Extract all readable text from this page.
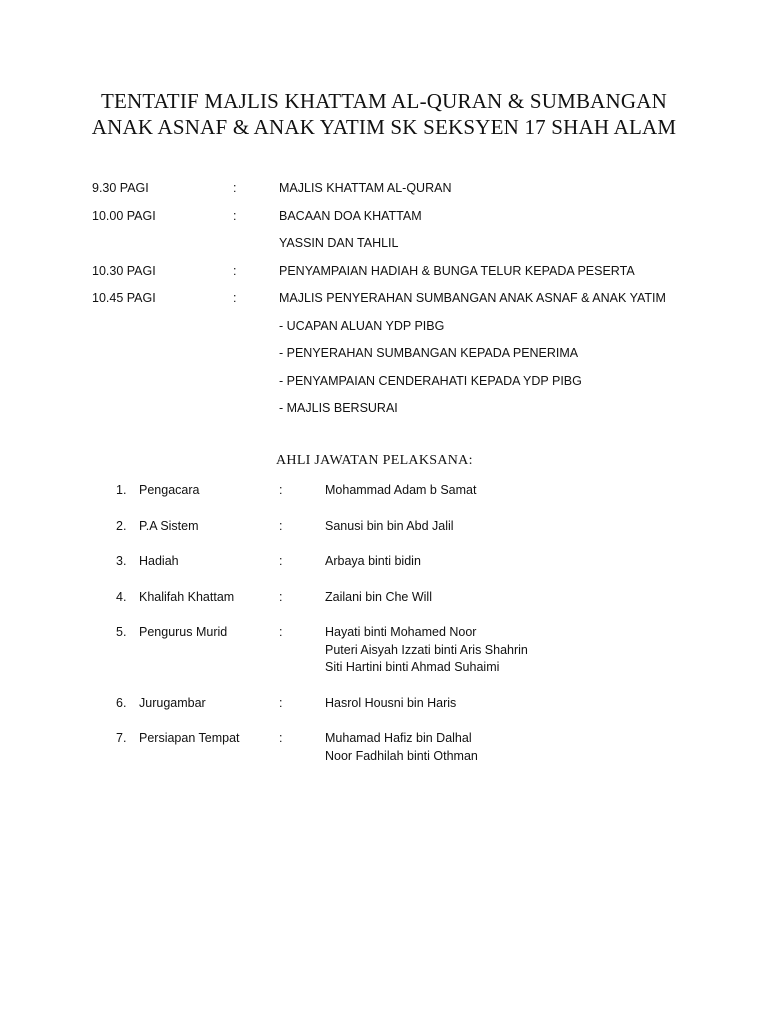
TENTATIF MAJLIS KHATTAM AL-QURAN & SUMBANGAN
ANAK ASNAF & ANAK YATIM SK SEKSYEN 17 SHAH ALAM
9.30 PAGI	:	MAJLIS KHATTAM AL-QURAN
10.00 PAGI	:	BACAAN DOA KHATTAM
YASSIN DAN TAHLIL
10.30 PAGI	:	PENYAMPAIAN HADIAH & BUNGA TELUR KEPADA PESERTA
10.45 PAGI	:	MAJLIS PENYERAHAN SUMBANGAN ANAK ASNAF & ANAK YATIM
- UCAPAN ALUAN YDP PIBG
- PENYERAHAN SUMBANGAN KEPADA PENERIMA
- PENYAMPAIAN CENDERAHATI KEPADA YDP PIBG
- MAJLIS BERSURAI
AHLI JAWATAN PELAKSANA:
1. Pengacara	:	Mohammad Adam b Samat
2. P.A Sistem	:	Sanusi bin bin Abd Jalil
3. Hadiah	:	Arbaya binti bidin
4. Khalifah Khattam	:	Zailani bin Che Will
5. Pengurus Murid	:	Hayati binti Mohamed Noor
Puteri Aisyah Izzati binti Aris Shahrin
Siti Hartini binti Ahmad Suhaimi
6. Jurugambar	:	Hasrol Housni bin Haris
7. Persiapan Tempat	:	Muhamad Hafiz bin Dalhal
Noor Fadhilah binti Othman
